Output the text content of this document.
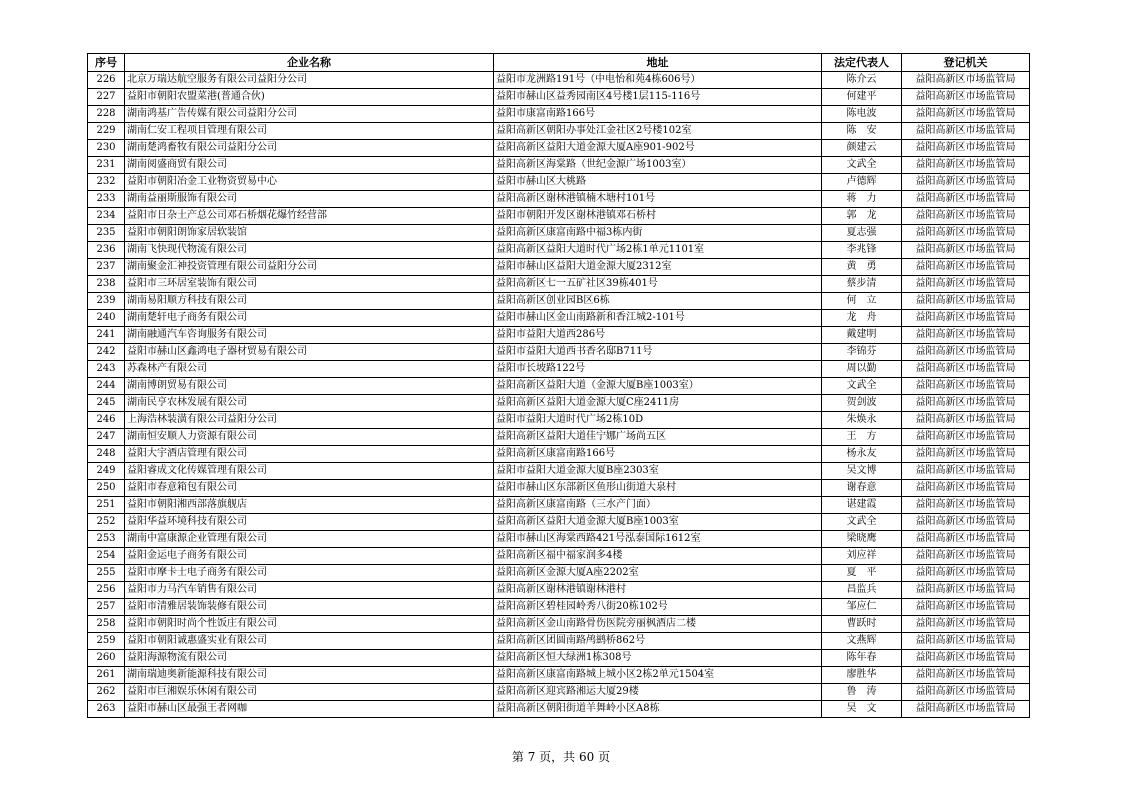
序号	企业名称	地址	法定代表人	登记机关
226	北京万瑞达航空服务有限公司益阳分公司	益阳市龙洲路191号（中电怡和苑4栋606号）	陈介云	益阳高新区市场监管局
227	益阳市朝阳农盟菜港(普通合伙)	益阳市赫山区益秀园南区4号楼1层115-116号	何建平	益阳高新区市场监管局
228	湖南鸿基广告传媒有限公司益阳分公司	益阳市康富南路166号	陈电波	益阳高新区市场监管局
229	湖南仁安工程项目管理有限公司	益阳高新区朝阳办事处江金社区2号楼102室	陈　安	益阳高新区市场监管局
230	湖南楚鸿畜牧有限公司益阳分公司	益阳高新区益阳大道金源大厦A座901-902号	颜建云	益阳高新区市场监管局
231	湖南阅盛商贸有限公司	益阳高新区海棠路（世纪金源广场1003室）	文武全	益阳高新区市场监管局
232	益阳市朝阳冶金工业物资贸易中心	益阳市赫山区大桃路	卢德辉	益阳高新区市场监管局
233	湖南益丽斯服饰有限公司	益阳高新区谢林港镇楠木塘村101号	蒋　力	益阳高新区市场监管局
234	益阳市日杂土产总公司邓石桥烟花爆竹经营部	益阳市朝阳开发区谢林港镇邓石桥村	郭　龙	益阳高新区市场监管局
235	益阳市朝阳朗饰家居软装馆	益阳高新区康富南路中福3栋内街	夏志强	益阳高新区市场监管局
236	湖南飞快现代物流有限公司	益阳高新区益阳大道时代广场2栋1单元1101室	李兆锋	益阳高新区市场监管局
237	湖南聚金汇神投资管理有限公司益阳分公司	益阳市赫山区益阳大道金源大厦2312室	黄　勇	益阳高新区市场监管局
238	益阳市三环居室装饰有限公司	益阳高新区七一五矿社区39栋401号	蔡步清	益阳高新区市场监管局
239	湖南易阳顺方科技有限公司	益阳高新区创业园B区6栋	何　立	益阳高新区市场监管局
240	湖南楚轩电子商务有限公司	益阳市赫山区金山南路新和香江城2-101号	龙　舟	益阳高新区市场监管局
241	湖南融通汽车咨询服务有限公司	益阳市益阳大道西286号	戴建明	益阳高新区市场监管局
242	益阳市赫山区鑫鸿电子器材贸易有限公司	益阳市益阳大道西书香名邸B711号	李锦芬	益阳高新区市场监管局
243	苏森林产有限公司	益阳市长坡路122号	周以勤	益阳高新区市场监管局
244	湖南博朗贸易有限公司	益阳高新区益阳大道（金源大厦B座1003室）	文武全	益阳高新区市场监管局
245	湖南民亨农林发展有限公司	益阳高新区益阳大道金源大厦C座2411房	贺剑波	益阳高新区市场监管局
246	上海浩林装潢有限公司益阳分公司	益阳市益阳大道时代广场2栋10D	朱焕永	益阳高新区市场监管局
247	湖南恒安顺人力资源有限公司	益阳高新区益阳大道佳宁娜广场尚五区	王　方	益阳高新区市场监管局
248	益阳大宇酒店管理有限公司	益阳高新区康富南路166号	杨永友	益阳高新区市场监管局
249	益阳睿成文化传媒管理有限公司	益阳市益阳大道金源大厦B座2303室	吴文博	益阳高新区市场监管局
250	益阳市春意箱包有限公司	益阳市赫山区东部新区鱼形山街道大泉村	谢春意	益阳高新区市场监管局
251	益阳市朝阳湘西部落旗舰店	益阳高新区康富南路（三水产门面）	谌建霞	益阳高新区市场监管局
252	益阳华益环境科技有限公司	益阳高新区益阳大道金源大厦B座1003室	文武全	益阳高新区市场监管局
253	湖南中富康源企业管理有限公司	益阳市赫山区海棠西路421号泓泰国际1612室	梁晓鹰	益阳高新区市场监管局
254	益阳金运电子商务有限公司	益阳高新区福中福家润多4楼	刘应祥	益阳高新区市场监管局
255	益阳市摩卡士电子商务有限公司	益阳高新区金源大厦A座2202室	夏　平	益阳高新区市场监管局
256	益阳市力马汽车销售有限公司	益阳高新区谢林港镇谢林港村	昌监兵	益阳高新区市场监管局
257	益阳市清雅居装饰装修有限公司	益阳高新区碧桂园岭秀八街20栋102号	邹应仁	益阳高新区市场监管局
258	益阳市朝阳时尚个性饭庄有限公司	益阳高新区金山南路骨伤医院旁丽枫酒店二楼	曹跃时	益阳高新区市场监管局
259	益阳市朝阳诚惠盛实业有限公司	益阳高新区团圆南路鸬鹚桥862号	文燕辉	益阳高新区市场监管局
260	益阳海源物流有限公司	益阳高新区恒大绿洲1栋308号	陈年春	益阳高新区市场监管局
261	湖南瑞迪奥新能源科技有限公司	益阳高新区康富南路城上城小区2栋2单元1504室	廖胜华	益阳高新区市场监管局
262	益阳市巨湘娱乐休闲有限公司	益阳高新区迎宾路湘运大厦29楼	鲁　涛	益阳高新区市场监管局
263	益阳市赫山区最强王者网咖	益阳高新区朝阳街道羊舞岭小区A8栋	吴　文	益阳高新区市场监管局
第 7 页，共 60 页
